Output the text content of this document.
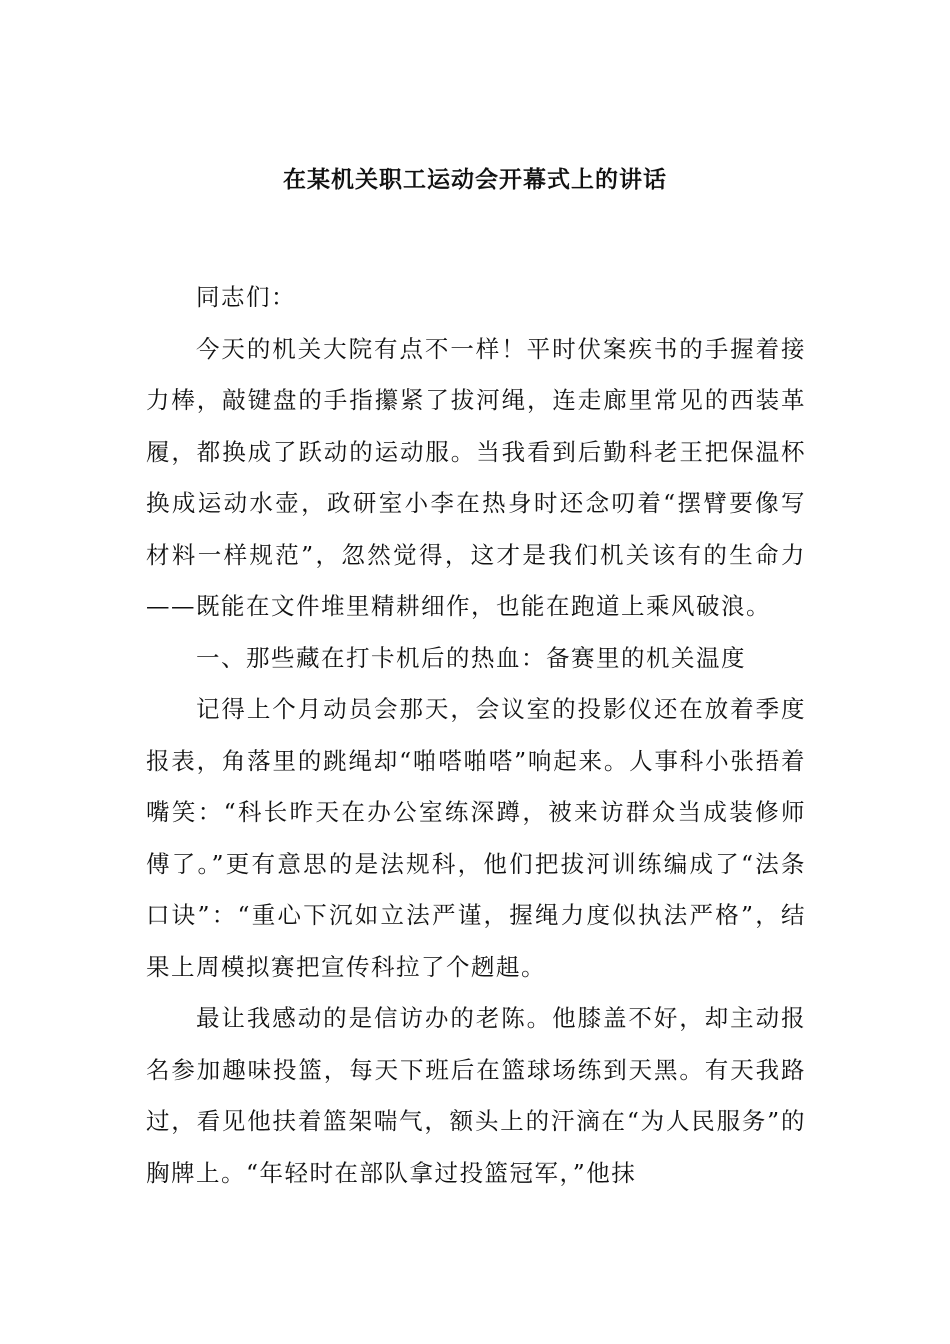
在某机关职工运动会开幕式上的讲话

同志们：

今天的机关大院有点不一样！平时伏案疾书的手握着接力棒，敲键盘的手指攥紧了拔河绳，连走廊里常见的西装革履，都换成了跃动的运动服。当我看到后勤科老王把保温杯换成运动水壶，政研室小李在热身时还念叨着“摆臂要像写材料一样规范”，忽然觉得，这才是我们机关该有的生命力——既能在文件堆里精耕细作，也能在跑道上乘风破浪。

一、那些藏在打卡机后的热血：备赛里的机关温度

记得上个月动员会那天，会议室的投影仪还在放着季度报表，角落里的跳绳却“啪嗒啪嗒”响起来。人事科小张捂着嘴笑：“科长昨天在办公室练深蹲，被来访群众当成装修师傅了。”更有意思的是法规科，他们把拔河训练编成了“法条口诀”：“重心下沉如立法严谨，握绳力度似执法严格”，结果上周模拟赛把宣传科拉了个趔趄。

最让我感动的是信访办的老陈。他膝盖不好，却主动报名参加趣味投篮，每天下班后在篮球场练到天黑。有天我路过，看见他扶着篮架喘气，额头上的汗滴在“为人民服务”的胸牌上。“年轻时在部队拿过投篮冠军，”他抹
